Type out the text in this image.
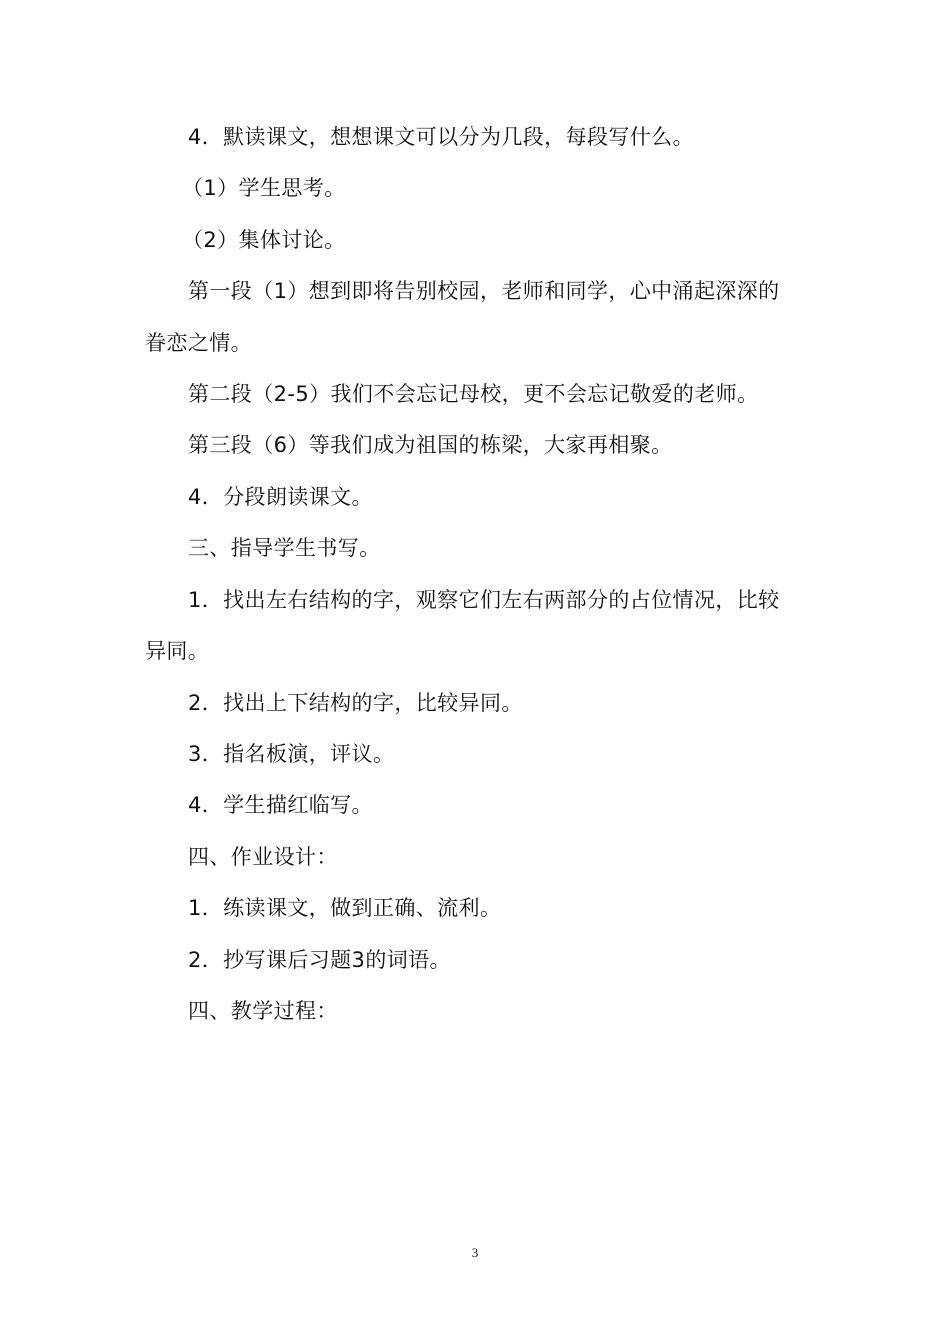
4．默读课文，想想课文可以分为几段，每段写什么。
（1）学生思考。
（2）集体讨论。
第一段（1）想到即将告别校园，老师和同学，心中涌起深深的
眷恋之情。
第二段（2-5）我们不会忘记母校，更不会忘记敬爱的老师。
第三段（6）等我们成为祖国的栋梁，大家再相聚。
4．分段朗读课文。
三、指导学生书写。
1．找出左右结构的字，观察它们左右两部分的占位情况，比较
异同。
2．找出上下结构的字，比较异同。
3．指名板演，评议。
4．学生描红临写。
四、作业设计：
1．练读课文，做到正确、流利。
2．抄写课后习题3的词语。
四、教学过程：
3
